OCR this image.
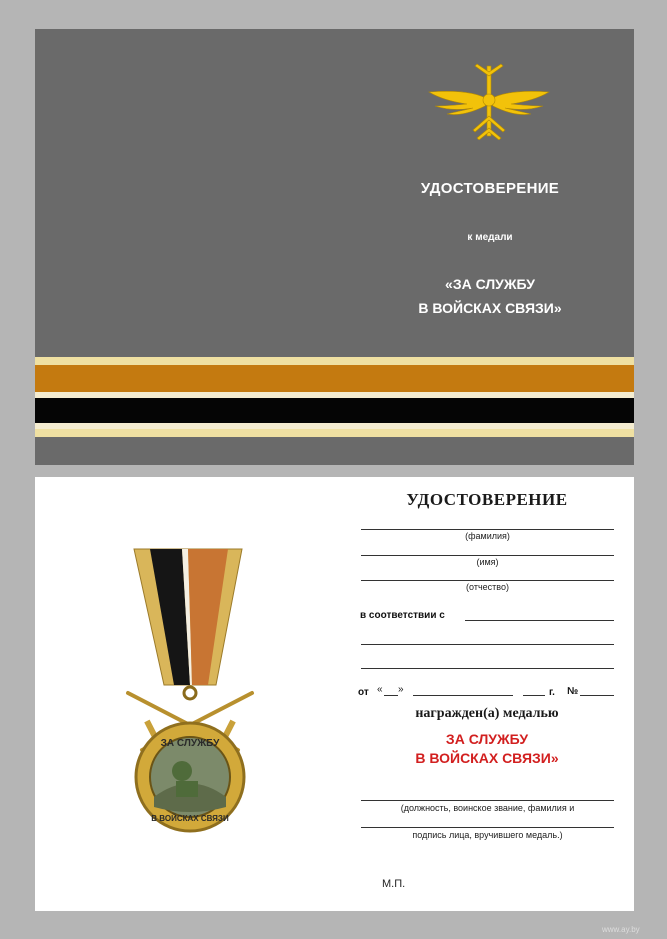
УДОСТОВЕРЕНИЕ

к медали

«ЗА СЛУЖБУ

В ВОЙСКАХ СВЯЗИ»

ЗА СЛУЖБУ
В ВОЙСКАХ СВЯЗИ

УДОСТОВЕРЕНИЕ

(фамилия)
(имя)
(отчество)
в соответствии с
от « »	г. №

награжден(а) медалью

ЗА СЛУЖБУ

В ВОЙСКАХ СВЯЗИ»

(должность, воинское звание, фамилия и
подпись лица, вручившего медаль.)
М.П.
www.ay.by
